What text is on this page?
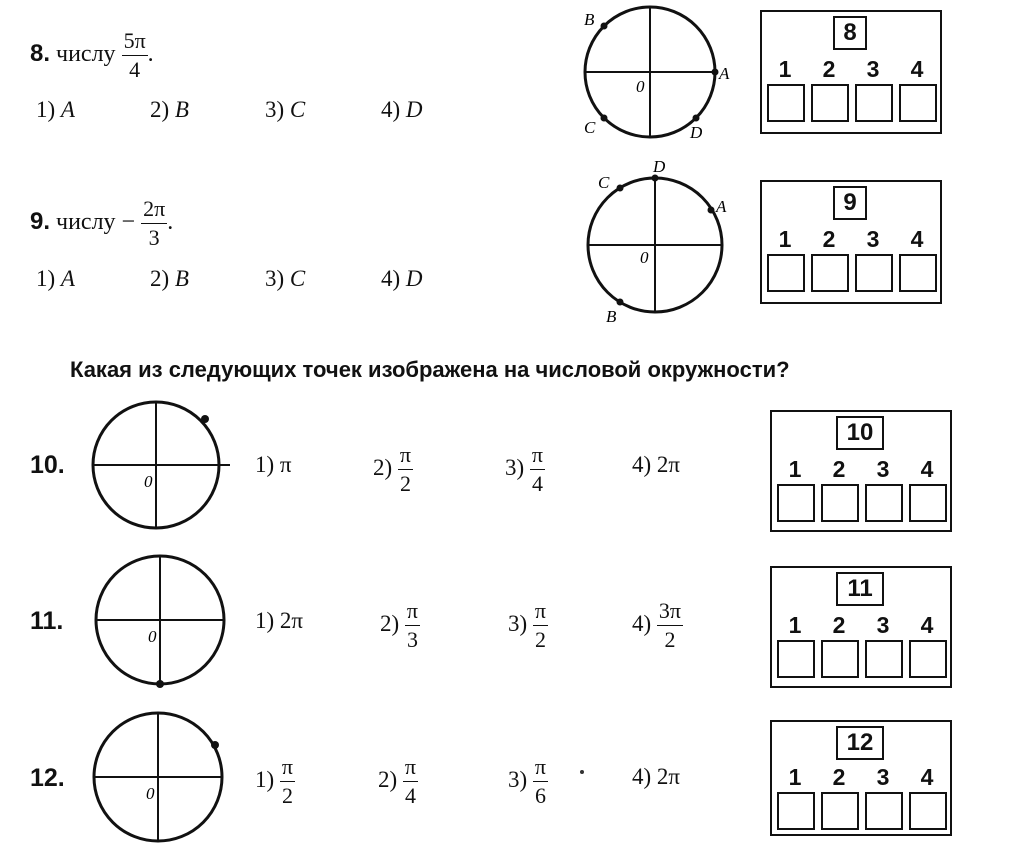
8. числу $\frac{5\pi}{4}$ .
1) A	2) B	3) C	4) D
A
B
C	D
0
8
1	2	3	4
9. числу − $\frac{2\pi}{3}$ .
1) A	2) B	3) C	4) D
A
B
C
D
0
9
1	2	3	4
Какая из следующих точек изображена на числовой окружности?
10.
0
1) π	$2) \frac{\pi}{2}$	$3) \frac{\pi}{4}$	4) 2π
10
1	2	3	4
11.
0
1) 2π	$2) \frac{\pi}{3}$	$3) \frac{\pi}{2}$	$4) \frac{3\pi}{2}$
11
1	2	3	4
12.
0
$1) \frac{\pi}{2}$	$2) \frac{\pi}{4}$	$3) \frac{\pi}{6}$	4) 2π
12
1	2	3	4
